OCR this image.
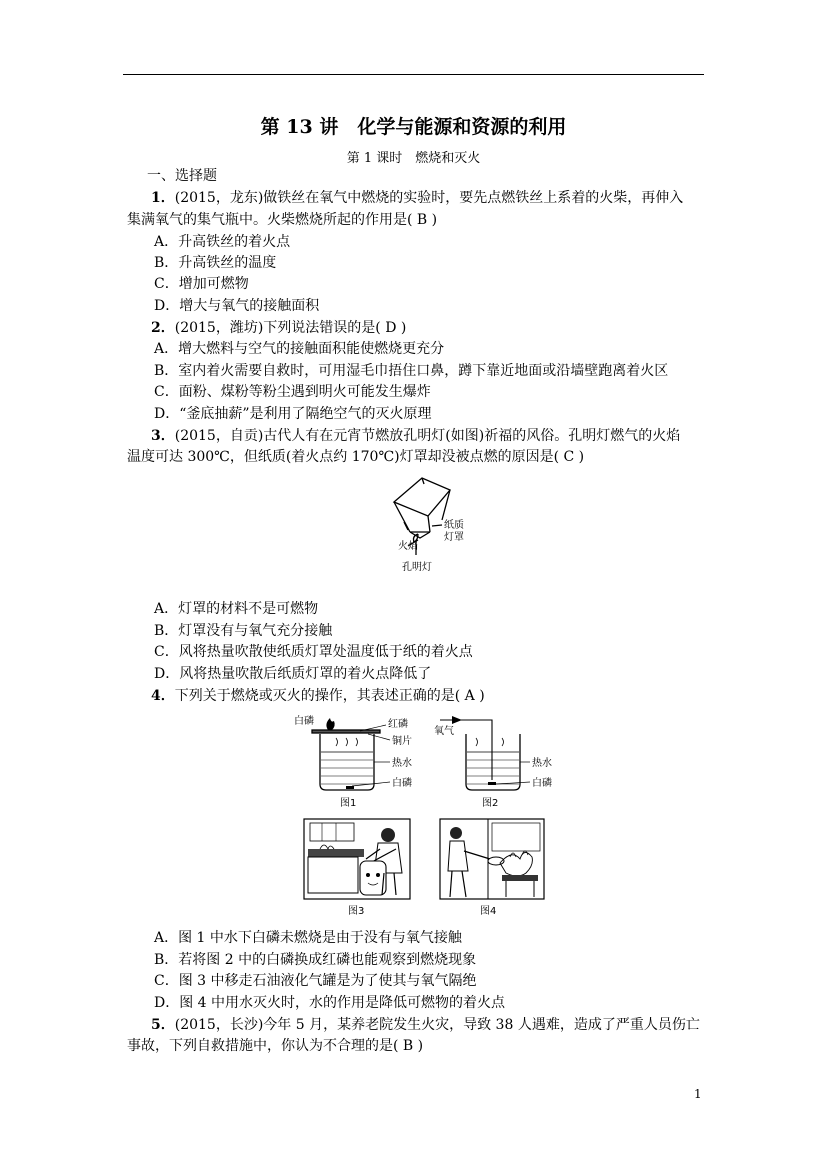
第 13 讲　化学与能源和资源的利用
第 1 课时　燃烧和灭火
一、选择题
1．(2015，龙东)做铁丝在氧气中燃烧的实验时，要先点燃铁丝上系着的火柴，再伸入
集满氧气的集气瓶中。火柴燃烧所起的作用是( B )
A．升高铁丝的着火点
B．升高铁丝的温度
C．增加可燃物
D．增大与氧气的接触面积
2．(2015，潍坊)下列说法错误的是( D )
A．增大燃料与空气的接触面积能使燃烧更充分
B．室内着火需要自救时，可用湿毛巾捂住口鼻，蹲下靠近地面或沿墙壁跑离着火区
C．面粉、煤粉等粉尘遇到明火可能发生爆炸
D．“釜底抽薪”是利用了隔绝空气的灭火原理
3．(2015，自贡)古代人有在元宵节燃放孔明灯(如图)祈福的风俗。孔明灯燃气的火焰
温度可达 300℃，但纸质(着火点约 170℃)灯罩却没被点燃的原因是( C )
纸质
灯罩
火焰
孔明灯
A．灯罩的材料不是可燃物
B．灯罩没有与氧气充分接触
C．风将热量吹散使纸质灯罩处温度低于纸的着火点
D．风将热量吹散后纸质灯罩的着火点降低了
4．下列关于燃烧或灭火的操作，其表述正确的是( A )
白磷	红磷
铜片
热水
白磷
图1
氧气
热水
白磷
图2
图3	图4
A．图 1 中水下白磷未燃烧是由于没有与氧气接触
B．若将图 2 中的白磷换成红磷也能观察到燃烧现象
C．图 3 中移走石油液化气罐是为了使其与氧气隔绝
D．图 4 中用水灭火时，水的作用是降低可燃物的着火点
5．(2015，长沙)今年 5 月，某养老院发生火灾，导致 38 人遇难，造成了严重人员伤亡
事故，下列自救措施中，你认为不合理的是( B )
1
